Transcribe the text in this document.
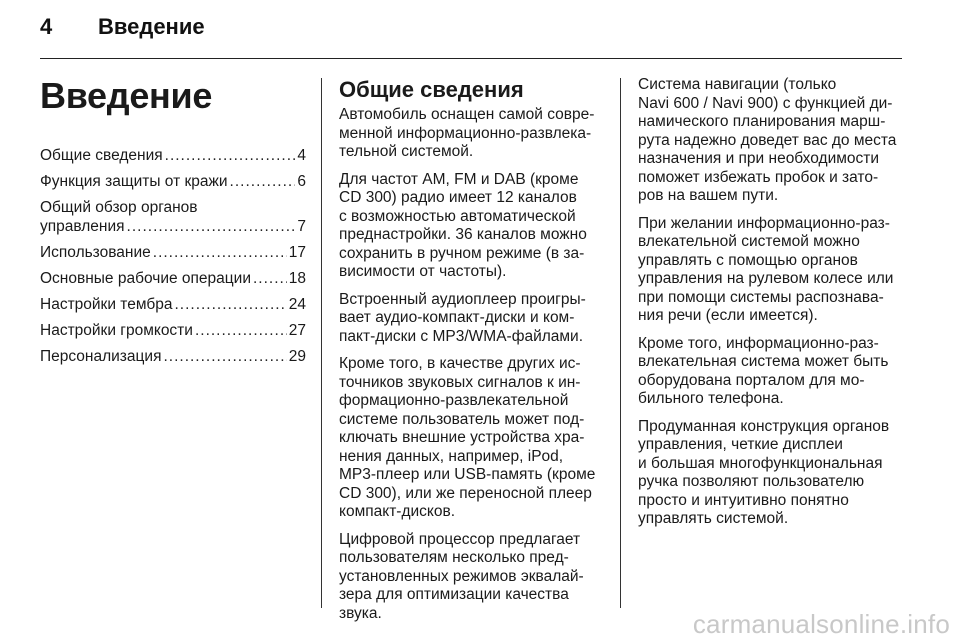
4 Введение
Введение
Общие сведения .....	4
Функция защиты от кражи .....	6
Общий обзор органов
управления .....	7
Использование .....	17
Основные рабочие операции ..... 18
Настройки тембра .....	24
Настройки громкости .....	27
Персонализация .....	29
Общие сведения

Автомобиль оснащен самой совре-
менной информационно-развлека-
тельной системой.

Для частот AM, FM и DAB (кроме
CD 300) радио имеет 12 каналов
с возможностью автоматической
преднастройки. 36 каналов можно
сохранить в ручном режиме (в за-
висимости от частоты).

Встроенный аудиоплеер проигры-
вает аудио-компакт-диски и ком-
пакт-диски с MP3/WMA-файлами.

Кроме того, в качестве других ис-
точников звуковых сигналов к ин-
формационно-развлекательной
системе пользователь может под-
ключать внешние устройства хра-
нения данных, например, iPod,
MP3-плеер или USB-память (кроме
CD 300), или же переносной плеер
компакт-дисков.

Цифровой процессор предлагает
пользователям несколько пред-
установленных режимов эквалай-
зера для оптимизации качества
звука.

Система навигации (только
Navi 600 / Navi 900) с функцией ди-
намического планирования марш-
рута надежно доведет вас до места
назначения и при необходимости
поможет избежать пробок и зато-
ров на вашем пути.

При желании информационно-раз-
влекательной системой можно
управлять с помощью органов
управления на рулевом колесе или
при помощи системы распознава-
ния речи (если имеется).

Кроме того, информационно-раз-
влекательная система может быть
оборудована порталом для мо-
бильного телефона.

Продуманная конструкция органов
управления, четкие дисплеи
и большая многофункциональная
ручка позволяют пользователю
просто и интуитивно понятно
управлять системой.

carmanualsonline.info
